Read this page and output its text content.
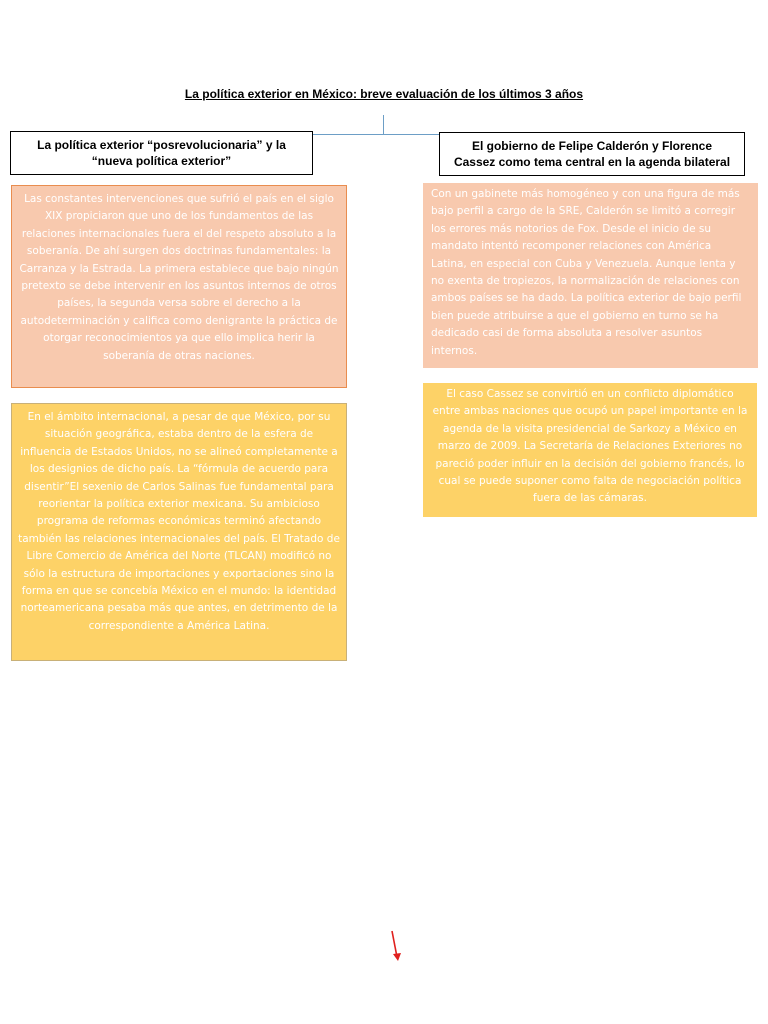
La política exterior en México: breve evaluación de los últimos 3 años
La política exterior “posrevolucionaria” y la “nueva política exterior”
El gobierno de Felipe Calderón y Florence Cassez como tema central en la agenda bilateral
Las constantes intervenciones que sufrió el país en el siglo XIX propiciaron que uno de los fundamentos de las relaciones internacionales fuera el del respeto absoluto a la soberanía. De ahí surgen dos doctrinas fundamentales: la Carranza y la Estrada. La primera establece que bajo ningún pretexto se debe intervenir en los asuntos internos de otros países, la segunda versa sobre el derecho a la autodeterminación y califica como denigrante la práctica de otorgar reconocimientos ya que ello implica herir la soberanía de otras naciones.
En el ámbito internacional, a pesar de que México, por su situación geográfica, estaba dentro de la esfera de influencia de Estados Unidos, no se alineó completamente a los designios de dicho país. La “fórmula de acuerdo para disentir”El sexenio de Carlos Salinas fue fundamental para reorientar la política exterior mexicana. Su ambicioso programa de reformas económicas terminó afectando también las relaciones internacionales del país. El Tratado de Libre Comercio de América del Norte (TLCAN) modificó no sólo la estructura de importaciones y exportaciones sino la forma en que se concebía México en el mundo: la identidad norteamericana pesaba más que antes, en detrimento de la correspondiente a América Latina.
Con un gabinete más homogéneo y con una figura de más bajo perfil a cargo de la SRE, Calderón se limitó a corregir los errores más notorios de Fox. Desde el inicio de su mandato intentó recomponer relaciones con América Latina, en especial con Cuba y Venezuela. Aunque lenta y no exenta de tropiezos, la normalización de relaciones con ambos países se ha dado. La política exterior de bajo perfil bien puede atribuirse a que el gobierno en turno se ha dedicado casi de forma absoluta a resolver asuntos internos.
El caso Cassez se convirtió en un conflicto diplomático entre ambas naciones que ocupó un papel importante en la agenda de la visita presidencial de Sarkozy a México en marzo de 2009. La Secretaría de Relaciones Exteriores no pareció poder influir en la decisión del gobierno francés, lo cual se puede suponer como falta de negociación política fuera de las cámaras.
